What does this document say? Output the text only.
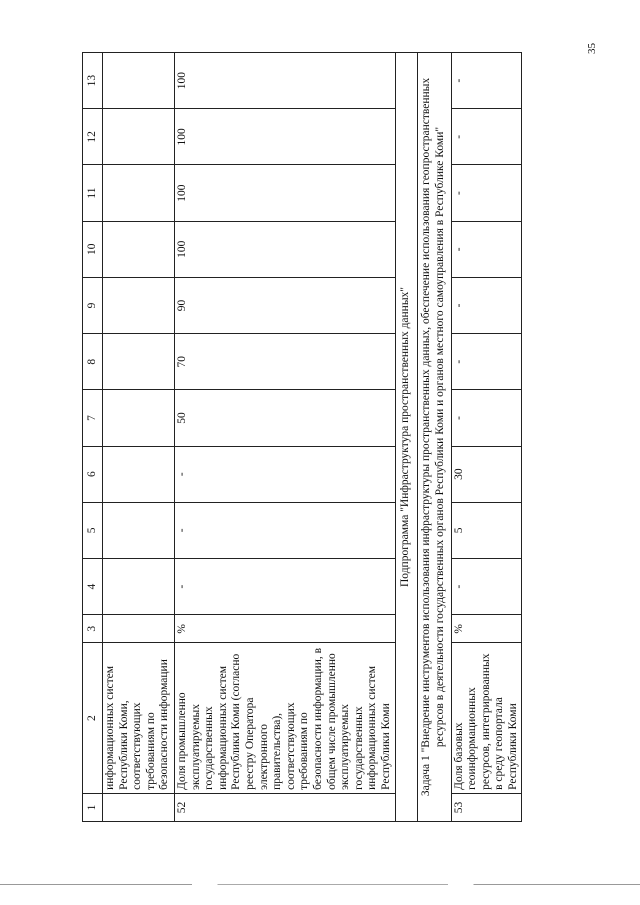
35
1	2	3	4	5	6	7	8	9	10	11	12	13
	информационных систем Республики Коми, соответствующих требованиям по безопасности информации											
52	Доля промышленно эксплуатируемых государственных информационных систем Республики Коми (согласно реестру Оператора электронного правительства), соответствующих требованиям по безопасности информации, в общем числе промышленно эксплуатируемых государственных информационных систем Республики Коми	%	-	-	-	50	70	90	100	100	100	100
Подпрограмма "Инфраструктура пространственных данных"												
Задача 1 "Внедрение инструментов использования инфраструктуры пространственных данных, обеспечение использования геопространственных ресурсов в деятельности государственных органов Республики Коми и органов местного самоуправления в Республике Коми"												
53	Доля базовых геоинформационных ресурсов, интегрированных в среду геопортала Республики Коми	%	-	5	30	-	-	-	-	-	-	-
